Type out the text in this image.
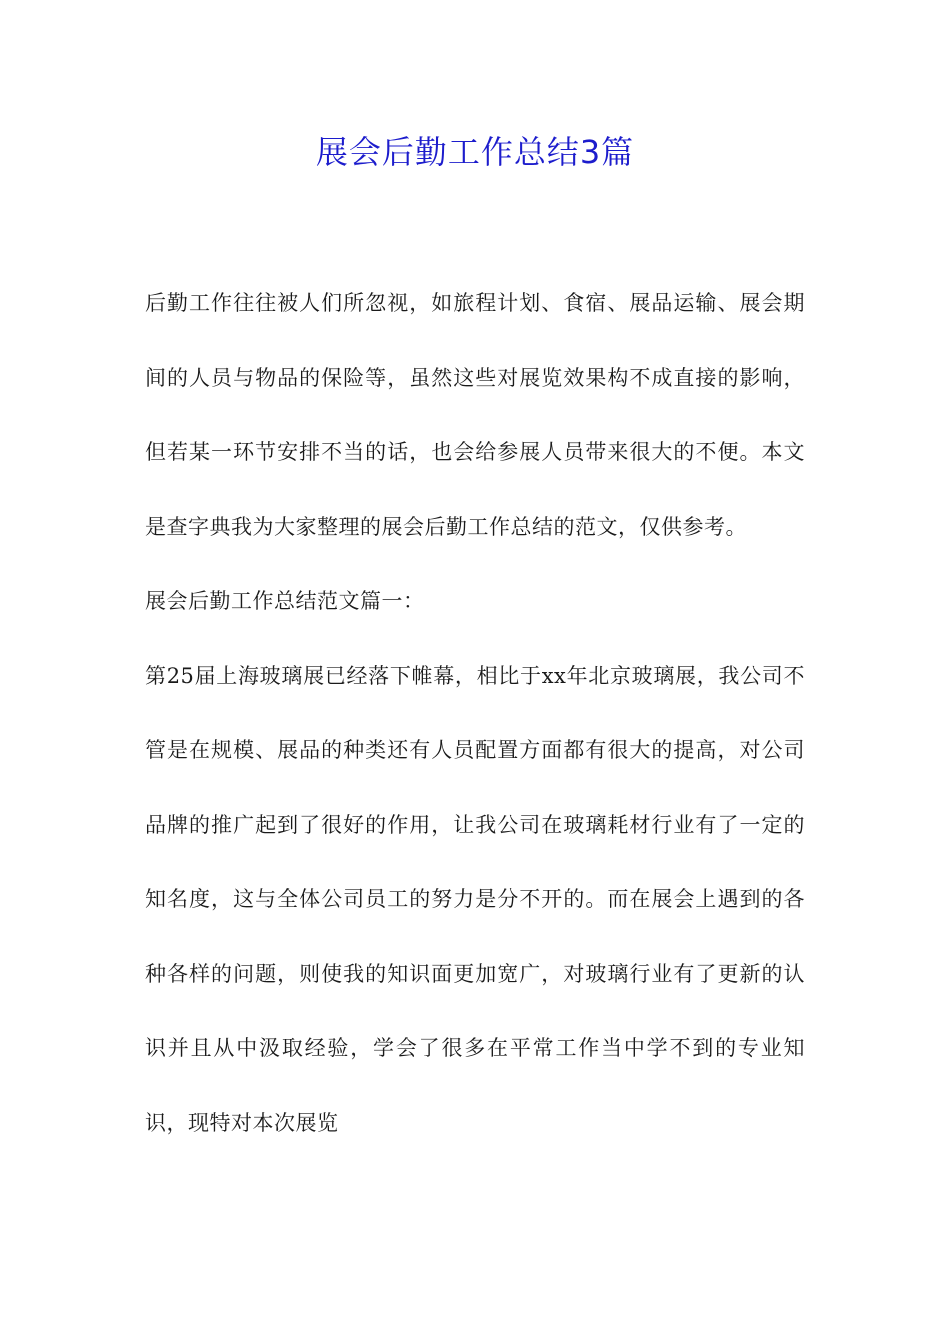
展会后勤工作总结3篇

后勤工作往往被人们所忽视，如旅程计划、食宿、展品运输、展会期间的人员与物品的保险等，虽然这些对展览效果构不成直接的影响，但若某一环节安排不当的话，也会给参展人员带来很大的不便。本文是查字典我为大家整理的展会后勤工作总结的范文，仅供参考。

展会后勤工作总结范文篇一：

第25届上海玻璃展已经落下帷幕，相比于xx年北京玻璃展，我公司不管是在规模、展品的种类还有人员配置方面都有很大的提高，对公司品牌的推广起到了很好的作用，让我公司在玻璃耗材行业有了一定的知名度，这与全体公司员工的努力是分不开的。而在展会上遇到的各种各样的问题，则使我的知识面更加宽广，对玻璃行业有了更新的认识并且从中汲取经验，学会了很多在平常工作当中学不到的专业知识，现特对本次展览
